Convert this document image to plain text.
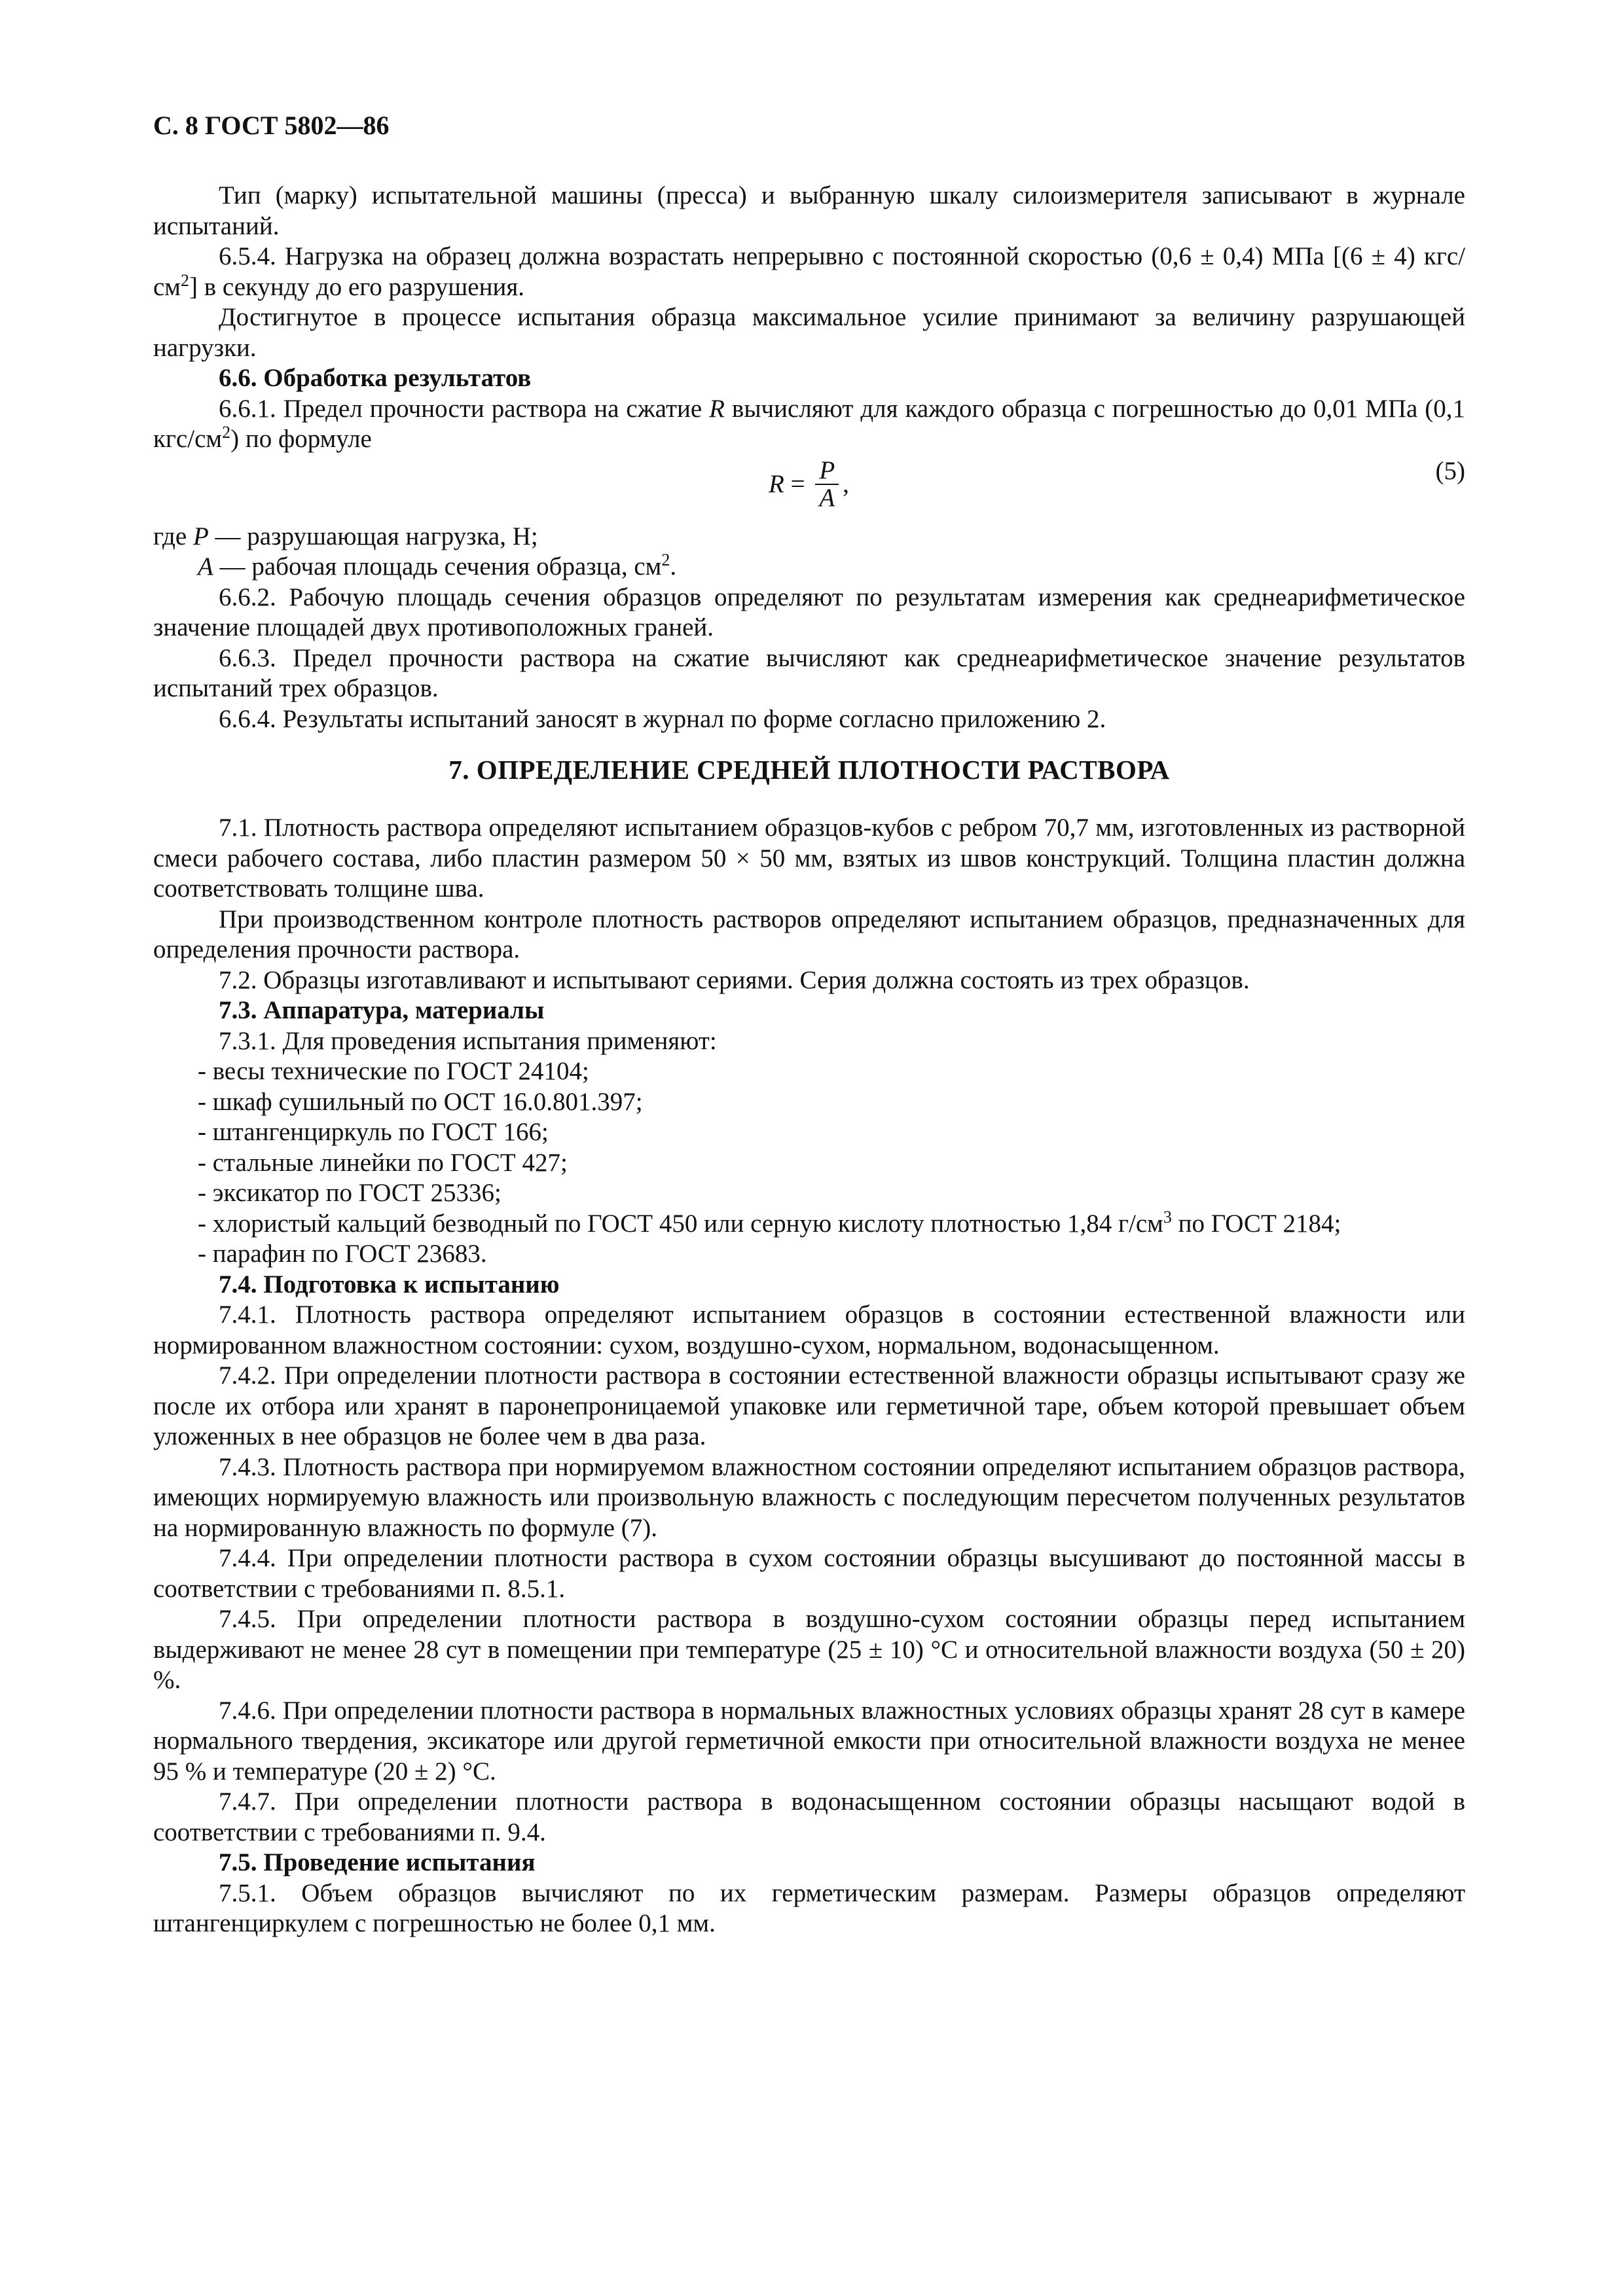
С. 8 ГОСТ 5802—86

Тип (марку) испытательной машины (пресса) и выбранную шкалу силоизмерителя записывают в журнале испытаний.

6.5.4. Нагрузка на образец должна возрастать непрерывно с постоянной скоростью (0,6 ± 0,4) МПа [(6 ± 4) кгс/$см^2$] в секунду до его разрушения.

Достигнутое в процессе испытания образца максимальное усилие принимают за величину разрушающей нагрузки.

6.6. Обработка результатов

6.6.1. Предел прочности раствора на сжатие R вычисляют для каждого образца с погрешностью до 0,01 МПа (0,1 кгс/$см^2$) по формуле

$R = \frac{P}{A}$ ,	(5)

где P — разрушающая нагрузка, Н;

A — рабочая площадь сечения образца, $см^2$.

6.6.2. Рабочую площадь сечения образцов определяют по результатам измерения как среднеарифметическое значение площадей двух противоположных граней.

6.6.3. Предел прочности раствора на сжатие вычисляют как среднеарифметическое значение результатов испытаний трех образцов.

6.6.4. Результаты испытаний заносят в журнал по форме согласно приложению 2.

7. ОПРЕДЕЛЕНИЕ СРЕДНЕЙ ПЛОТНОСТИ РАСТВОРА

7.1. Плотность раствора определяют испытанием образцов-кубов с ребром 70,7 мм, изготовленных из растворной смеси рабочего состава, либо пластин размером 50 × 50 мм, взятых из швов конструкций. Толщина пластин должна соответствовать толщине шва.

При производственном контроле плотность растворов определяют испытанием образцов, предназначенных для определения прочности раствора.

7.2. Образцы изготавливают и испытывают сериями. Серия должна состоять из трех образцов.

7.3. Аппаратура, материалы

7.3.1. Для проведения испытания применяют:

- весы технические по ГОСТ 24104;

- шкаф сушильный по ОСТ 16.0.801.397;

- штангенциркуль по ГОСТ 166;

- стальные линейки по ГОСТ 427;

- эксикатор по ГОСТ 25336;

- хлористый кальций безводный по ГОСТ 450 или серную кислоту плотностью 1,84 $г/см^3$ по ГОСТ 2184;

- парафин по ГОСТ 23683.

7.4. Подготовка к испытанию

7.4.1. Плотность раствора определяют испытанием образцов в состоянии естественной влажности или нормированном влажностном состоянии: сухом, воздушно-сухом, нормальном, водонасыщенном.

7.4.2. При определении плотности раствора в состоянии естественной влажности образцы испытывают сразу же после их отбора или хранят в паронепроницаемой упаковке или герметичной таре, объем которой превышает объем уложенных в нее образцов не более чем в два раза.

7.4.3. Плотность раствора при нормируемом влажностном состоянии определяют испытанием образцов раствора, имеющих нормируемую влажность или произвольную влажность с последующим пересчетом полученных результатов на нормированную влажность по формуле (7).

7.4.4. При определении плотности раствора в сухом состоянии образцы высушивают до постоянной массы в соответствии с требованиями п. 8.5.1.

7.4.5. При определении плотности раствора в воздушно-сухом состоянии образцы перед испытанием выдерживают не менее 28 сут в помещении при температуре (25 ± 10) °С и относительной влажности воздуха (50 ± 20) %.

7.4.6. При определении плотности раствора в нормальных влажностных условиях образцы хранят 28 сут в камере нормального твердения, эксикаторе или другой герметичной емкости при относительной влажности воздуха не менее 95 % и температуре (20 ± 2) °С.

7.4.7. При определении плотности раствора в водонасыщенном состоянии образцы насыщают водой в соответствии с требованиями п. 9.4.

7.5. Проведение испытания

7.5.1. Объем образцов вычисляют по их герметическим размерам. Размеры образцов определяют штангенциркулем с погрешностью не более 0,1 мм.
